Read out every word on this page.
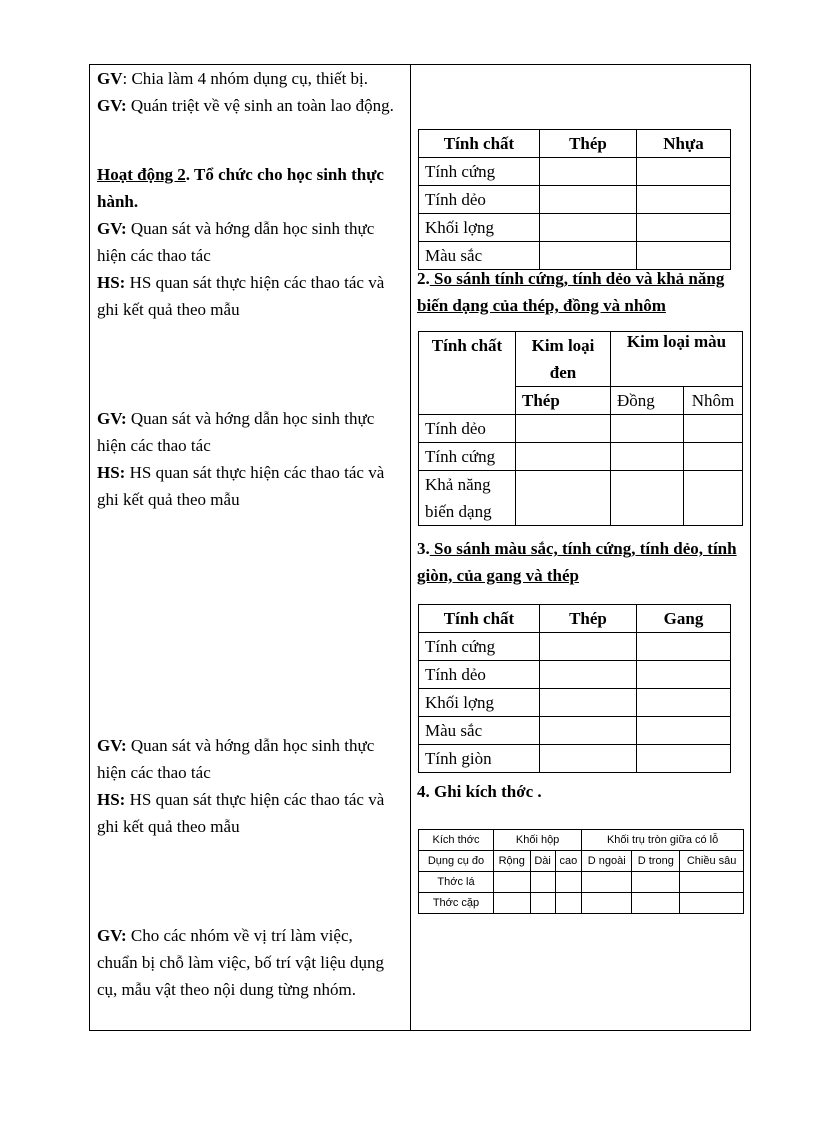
GV: Chia làm 4 nhóm dụng cụ, thiết bị.
GV: Quán triệt về vệ sinh an toàn lao động.
Hoạt động 2. Tổ chức cho học sinh thực hành.
GV: Quan sát và hớng dẫn học sinh thực hiện các thao tác
HS: HS quan sát thực hiện các thao tác và ghi kết quả theo mẫu
GV: Quan sát và hớng dẫn học sinh thực hiện các thao tác
HS: HS quan sát thực hiện các thao tác và ghi kết quả theo mẫu
GV: Quan sát và hớng dẫn học sinh thực hiện các thao tác
HS: HS quan sát thực hiện các thao tác và ghi kết quả theo mẫu
GV: Cho các nhóm về vị trí làm việc, chuẩn bị chỗ làm việc, bố trí vật liệu dụng cụ, mẫu vật theo nội dung từng nhóm.
Tính chất	Thép	Nhựa
Tính cứng		
Tính dẻo		
Khối lợng		
Màu sắc		
2. So sánh tính cứng, tính dẻo và khả năng biến dạng của thép, đồng và nhôm
Tính chất	Kim loại đen	Kim loại màu	
	Thép	Đồng	Nhôm
Tính dẻo			
Tính cứng			
Khả năng biến dạng			
3. So sánh màu sắc, tính cứng, tính dẻo, tính giòn, của gang và thép
Tính chất	Thép	Gang
Tính cứng		
Tính dẻo		
Khối lợng		
Màu sắc		
Tính giòn		
4. Ghi kích thớc .
Kích thớc	Khối hộp			Khối trụ tròn giữa có lỗ		
Dụng cụ đo	Rộng	Dài	cao	D ngoài	D trong	Chiều sâu
Thớc lá						
Thớc cặp						
